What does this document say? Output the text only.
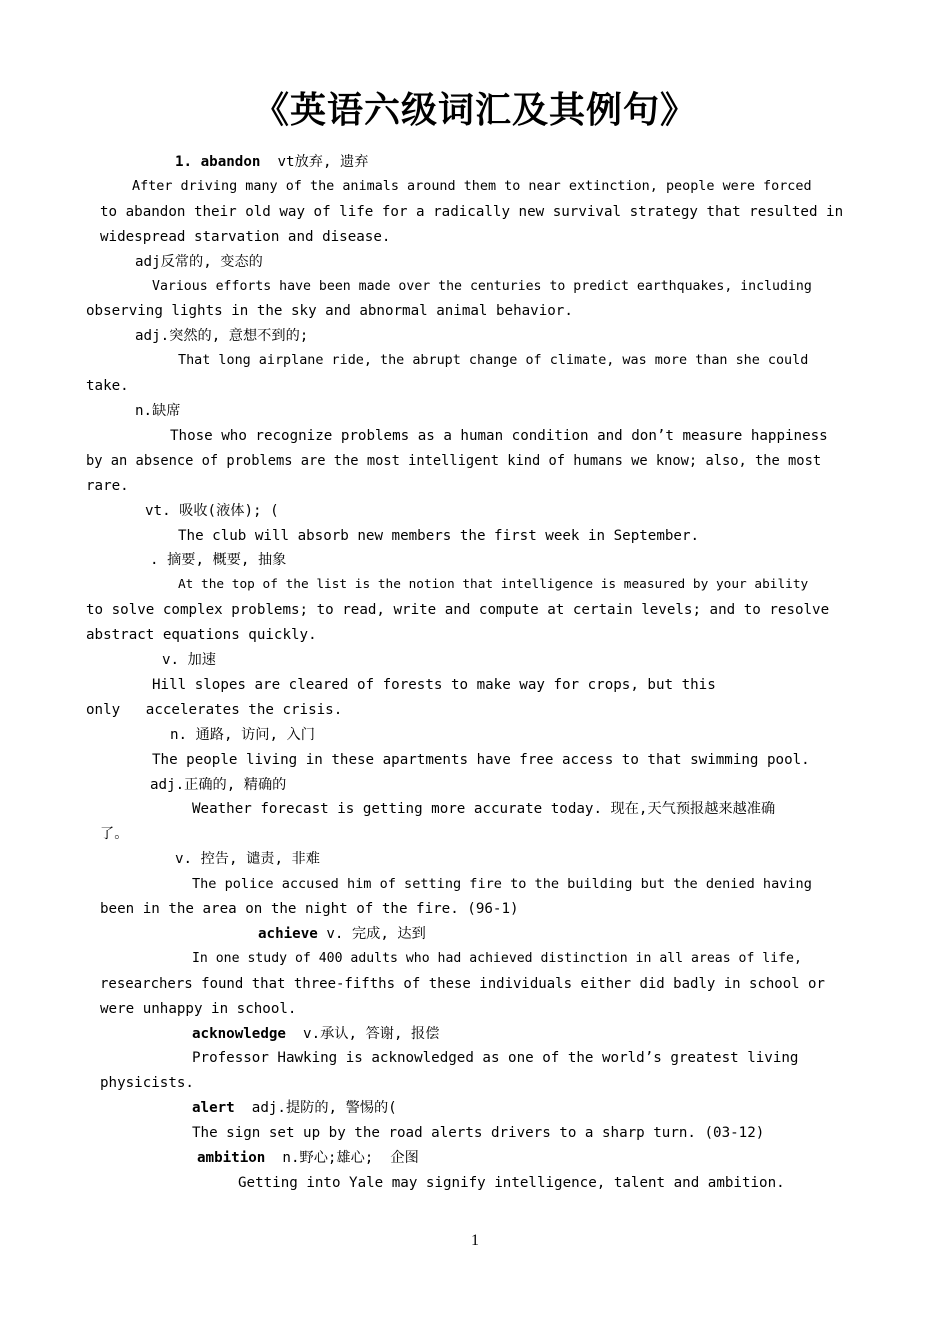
《英语六级词汇及其例句》
1. abandon  vt放弃, 遗弃
After driving many of the animals around them to near extinction, people were forced
to abandon their old way of life for a radically new survival strategy that resulted in
widespread starvation and disease.
adj反常的, 变态的
Various efforts have been made over the centuries to predict earthquakes, including
observing lights in the sky and abnormal animal behavior.
adj.突然的, 意想不到的;
That long airplane ride, the abrupt change of climate, was more than she could
take.
n.缺席
Those who recognize problems as a human condition and don’t measure happiness
by an absence of problems are the most intelligent kind of humans we know; also, the most
rare.
vt. 吸收(液体); (
The club will absorb new members the first week in September.
. 摘要, 概要, 抽象
At the top of the list is the notion that intelligence is measured by your ability
to solve complex problems; to read, write and compute at certain levels; and to resolve
abstract equations quickly.
v. 加速
Hill slopes are cleared of forests to make way for crops, but this
only   accelerates the crisis.
n. 通路, 访问, 入门
The people living in these apartments have free access to that swimming pool.
adj.正确的, 精确的
Weather forecast is getting more accurate today. 现在,天气预报越来越准确
了。
v. 控告, 谴责, 非难
The police accused him of setting fire to the building but the denied having
been in the area on the night of the fire. (96-1)
achieve v. 完成, 达到
In one study of 400 adults who had achieved distinction in all areas of life,
researchers found that three-fifths of these individuals either did badly in school or
were unhappy in school.
acknowledge  v.承认, 答谢, 报偿
Professor Hawking is acknowledged as one of the world’s greatest living
physicists.
alert  adj.提防的, 警惕的(
The sign set up by the road alerts drivers to a sharp turn. (03-12)
ambition  n.野心;雄心;  企图
Getting into Yale may signify intelligence, talent and ambition.
1
